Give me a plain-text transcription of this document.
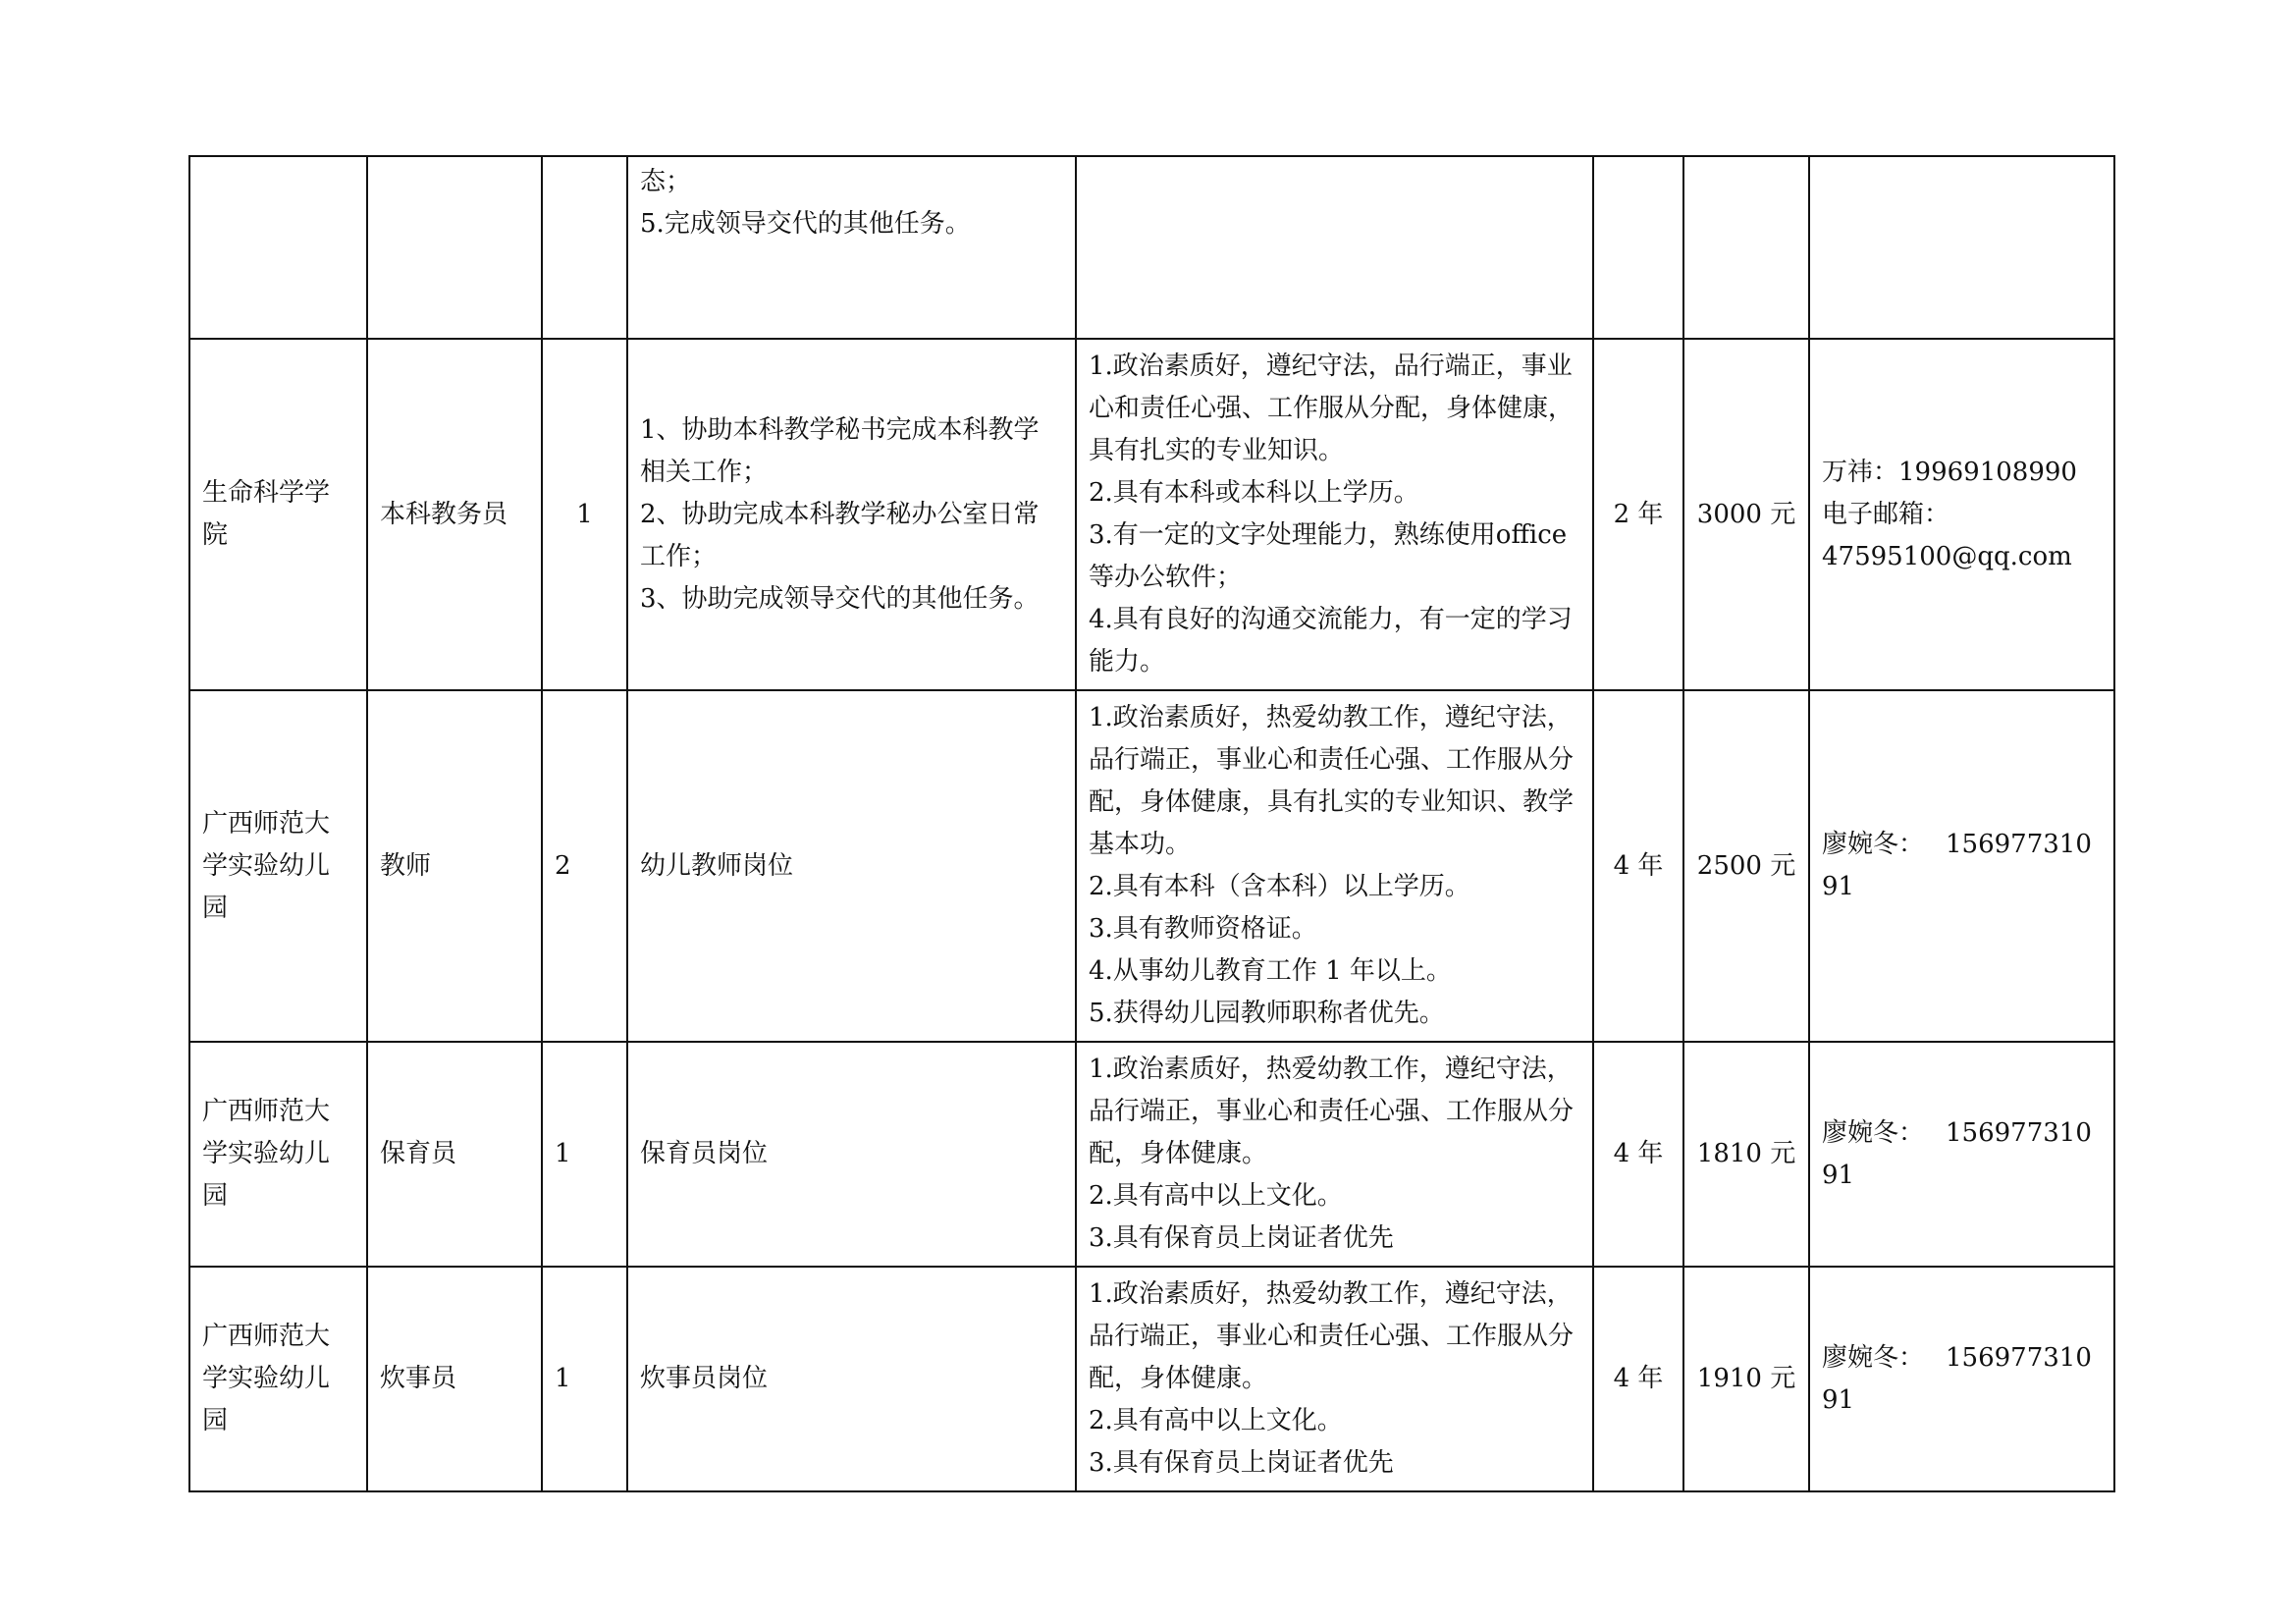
			态；
5.完成领导交代的其他任务。				

生命科学学院	本科教务员	1	1、协助本科教学秘书完成本科教学相关工作；
2、协助完成本科教学秘办公室日常工作；
3、协助完成领导交代的其他任务。	1.政治素质好，遵纪守法，品行端正，事业心和责任心强、工作服从分配，身体健康，具有扎实的专业知识。
2.具有本科或本科以上学历。
3.有一定的文字处理能力，熟练使用office 等办公软件；
4.具有良好的沟通交流能力，有一定的学习能力。	2 年	3000 元	万祎：19969108990
电子邮箱：
47595100@qq.com

广西师范大学实验幼儿园	教师	2	幼儿教师岗位	1.政治素质好，热爱幼教工作，遵纪守法，品行端正，事业心和责任心强、工作服从分配，身体健康，具有扎实的专业知识、教学基本功。
2.具有本科（含本科）以上学历。
3.具有教师资格证。
4.从事幼儿教育工作 1 年以上。
5.获得幼儿园教师职称者优先。	4 年	2500 元	廖婉冬： 15697731091
广西师范大学实验幼儿园	保育员	1	保育员岗位	1.政治素质好，热爱幼教工作，遵纪守法，品行端正，事业心和责任心强、工作服从分配，身体健康。
2.具有高中以上文化。
3.具有保育员上岗证者优先	4 年	1810 元	廖婉冬： 15697731091
广西师范大学实验幼儿园	炊事员	1	炊事员岗位	1.政治素质好，热爱幼教工作，遵纪守法，品行端正，事业心和责任心强、工作服从分配，身体健康。
2.具有高中以上文化。
3.具有保育员上岗证者优先	4 年	1910 元	廖婉冬： 15697731091
